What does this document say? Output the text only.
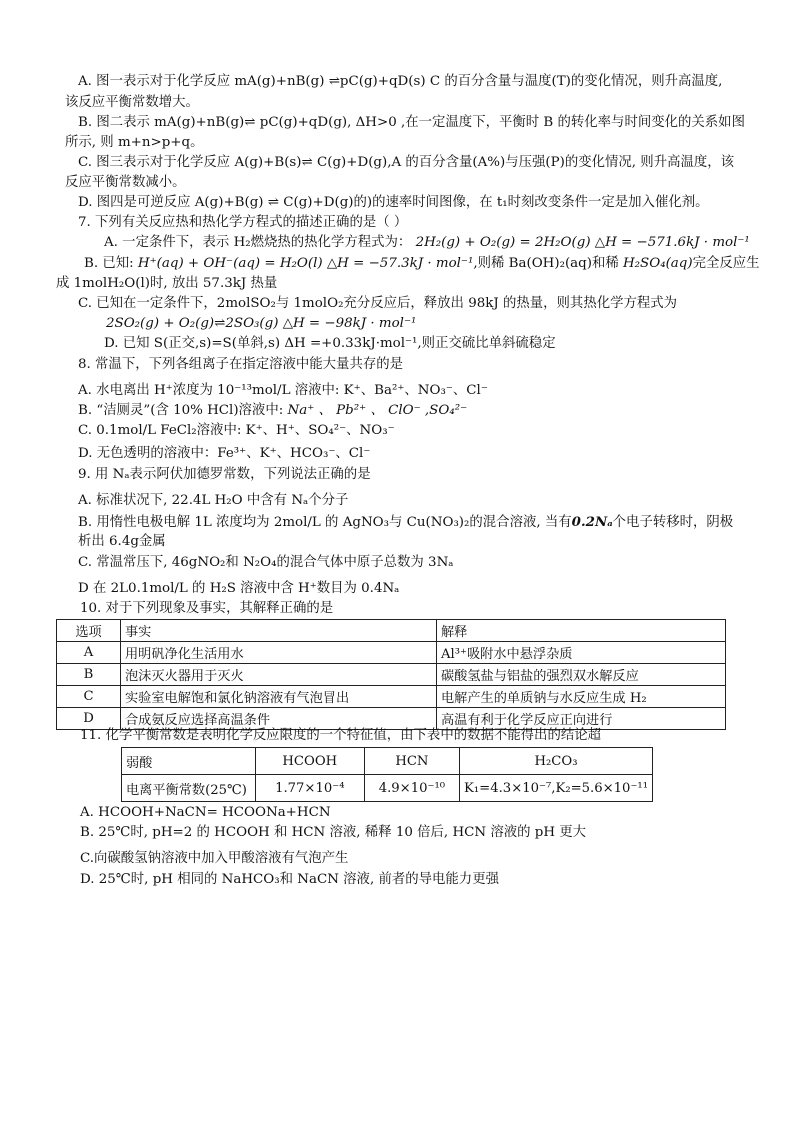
A. 图一表示对于化学反应 mA(g)+nB(g) ⇌pC(g)+qD(s) C 的百分含量与温度(T)的变化情况，则升高温度,
该反应平衡常数增大。
B. 图二表示 mA(g)+nB(g)⇌ pC(g)+qD(g), ΔH>0 ,在一定温度下，平衡时 B 的转化率与时间变化的关系如图
所示, 则 m+n>p+q。
C. 图三表示对于化学反应 A(g)+B(s)⇌ C(g)+D(g),A 的百分含量(A%)与压强(P)的变化情况, 则升高温度，该
反应平衡常数减小。
D. 图四是可逆反应 A(g)+B(g) ⇌ C(g)+D(g)的)的速率时间图像，在 t₁时刻改变条件一定是加入催化剂。
7. 下列有关反应热和热化学方程式的描述正确的是（ ）
A. 一定条件下，表示 H₂燃烧热的热化学方程式为： 2H₂(g) + O₂(g) = 2H₂O(g) △H = −571.6kJ · mol⁻¹
B. 已知: H⁺(aq) + OH⁻(aq) = H₂O(l) △H = −57.3kJ · mol⁻¹,则稀 Ba(OH)₂(aq)和稀 H₂SO₄(aq)完全反应生
成 1molH₂O(l)时, 放出 57.3kJ 热量
C. 已知在一定条件下，2molSO₂与 1molO₂充分反应后，释放出 98kJ 的热量，则其热化学方程式为
2SO₂(g) + O₂(g)⇌2SO₃(g) △H = −98kJ · mol⁻¹
D. 已知 S(正交,s)=S(单斜,s) ΔH =+0.33kJ·mol⁻¹,则正交硫比单斜硫稳定
8. 常温下，下列各组离子在指定溶液中能大量共存的是
A. 水电离出 H⁺浓度为 10⁻¹³mol/L 溶液中: K⁺、Ba²⁺、NO₃⁻、Cl⁻
B. “洁厕灵”(含 10% HCl)溶液中: Na⁺ 、 Pb²⁺ 、 ClO⁻ ,SO₄²⁻
C. 0.1mol/L FeCl₂溶液中: K⁺、H⁺、SO₄²⁻、NO₃⁻
D. 无色透明的溶液中：Fe³⁺、K⁺、HCO₃⁻、Cl⁻
9. 用 Nₐ表示阿伏加德罗常数，下列说法正确的是
A. 标准状况下, 22.4L H₂O 中含有 Nₐ个分子
B. 用惰性电极电解 1L 浓度均为 2mol/L 的 AgNO₃与 Cu(NO₃)₂的混合溶液, 当有0.2Nₐ个电子转移时，阴极
析出 6.4g金属
C. 常温常压下, 46gNO₂和 N₂O₄的混合气体中原子总数为 3Nₐ
D 在 2L0.1mol/L 的 H₂S 溶液中含 H⁺数目为 0.4Nₐ
10. 对于下列现象及事实，其解释正确的是
选项	事实	解释
A	用明矾净化生活用水	Al³⁺吸附水中悬浮杂质
B	泡沫灭火器用于灭火	碳酸氢盐与铝盐的强烈双水解反应
C	实验室电解饱和氯化钠溶液有气泡冒出	电解产生的单质钠与水反应生成 H₂
D	合成氨反应选择高温条件	高温有利于化学反应正向进行
11. 化学平衡常数是表明化学反应限度的一个特征值，由下表中的数据不能得出的结论超
弱酸	HCOOH	HCN	H₂CO₃
电离平衡常数(25℃)	1.77×10⁻⁴	4.9×10⁻¹⁰	K₁=4.3×10⁻⁷,K₂=5.6×10⁻¹¹
A. HCOOH+NaCN= HCOONa+HCN
B. 25℃时, pH=2 的 HCOOH 和 HCN 溶液, 稀释 10 倍后, HCN 溶液的 pH 更大
C.向碳酸氢钠溶液中加入甲酸溶液有气泡产生
D. 25℃时, pH 相同的 NaHCO₃和 NaCN 溶液, 前者的导电能力更强
